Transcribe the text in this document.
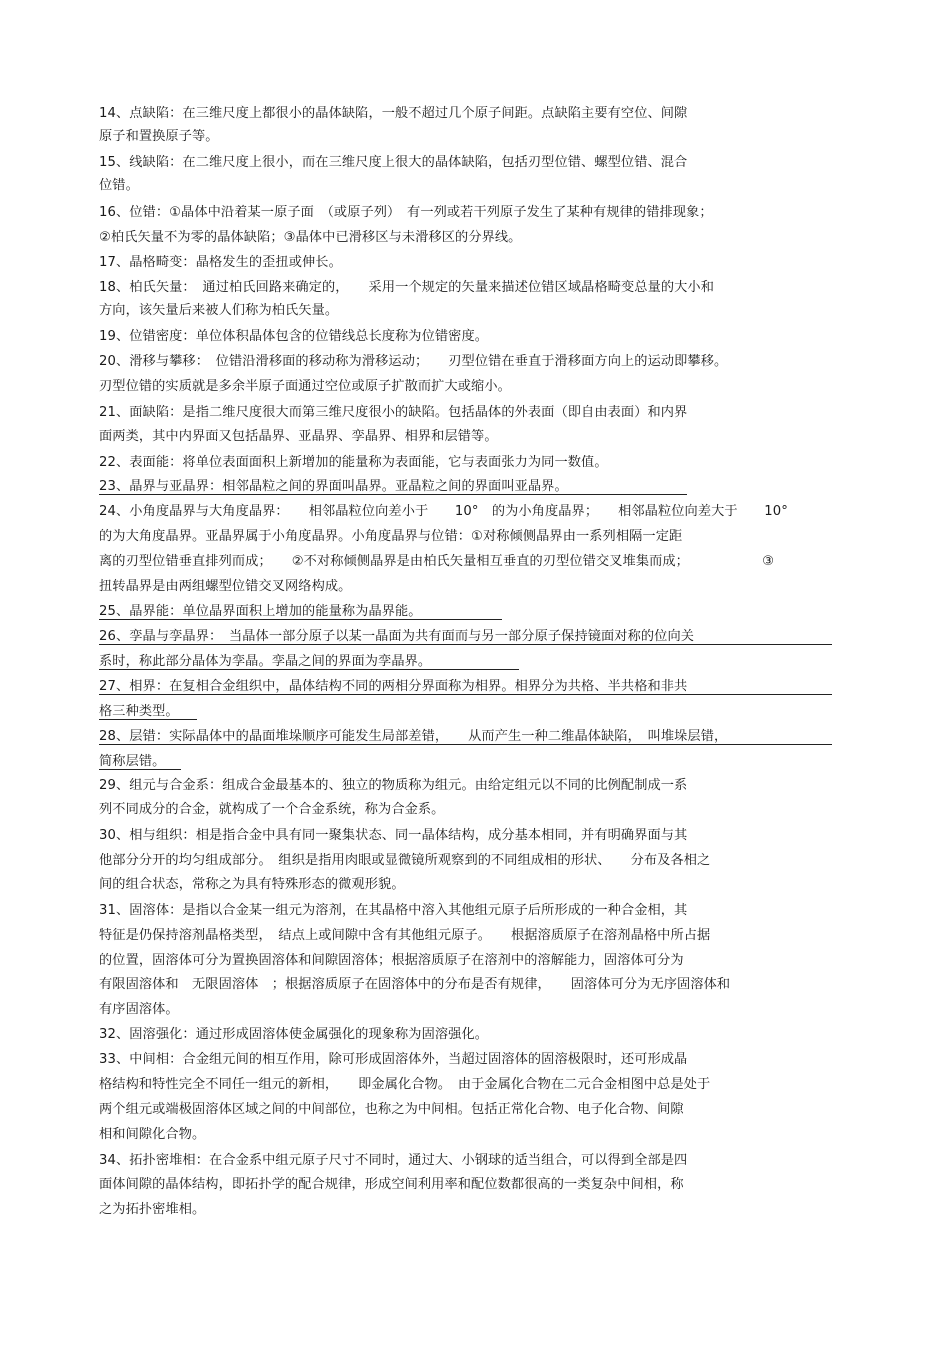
14、点缺陷：在三维尺度上都很小的晶体缺陷，一般不超过几个原子间距。点缺陷主要有空位、间隙
原子和置换原子等。
15、线缺陷：在二维尺度上很小，而在三维尺度上很大的晶体缺陷，包括刃型位错、螺型位错、混合
位错。
16、位错：①晶体中沿着某一原子面　（或原子列）　有一列或若干列原子发生了某种有规律的错排现象；
②柏氏矢量不为零的晶体缺陷；③晶体中已滑移区与未滑移区的分界线。
17、晶格畸变：晶格发生的歪扭或伸长。
18、柏氏矢量：　通过柏氏回路来确定的，　　采用一个规定的矢量来描述位错区域晶格畸变总量的大小和
方向，该矢量后来被人们称为柏氏矢量。
19、位错密度：单位体积晶体包含的位错线总长度称为位错密度。
20、滑移与攀移：　位错沿滑移面的移动称为滑移运动；　　刃型位错在垂直于滑移面方向上的运动即攀移。
刃型位错的实质就是多余半原子面通过空位或原子扩散而扩大或缩小。
21、面缺陷：是指二维尺度很大而第三维尺度很小的缺陷。包括晶体的外表面（即自由表面）和内界
面两类，其中内界面又包括晶界、亚晶界、孪晶界、相界和层错等。
22、表面能：将单位表面面积上新增加的能量称为表面能，它与表面张力为同一数值。
23、晶界与亚晶界：相邻晶粒之间的界面叫晶界。亚晶粒之间的界面叫亚晶界。
24、小角度晶界与大角度晶界：　　相邻晶粒位向差小于　　10°　的为小角度晶界；　　相邻晶粒位向差大于　　10°
的为大角度晶界。亚晶界属于小角度晶界。小角度晶界与位错：①对称倾侧晶界由一系列相隔一定距
离的刃型位错垂直排列而成；　　②不对称倾侧晶界是由柏氏矢量相互垂直的刃型位错交叉堆集而成；　　　　　　③
扭转晶界是由两组螺型位错交叉网络构成。
25、晶界能：单位晶界面积上增加的能量称为晶界能。
26、孪晶与孪晶界：　当晶体一部分原子以某一晶面为共有面而与另一部分原子保持镜面对称的位向关
系时，称此部分晶体为孪晶。孪晶之间的界面为孪晶界。
27、相界：在复相合金组织中，晶体结构不同的两相分界面称为相界。相界分为共格、半共格和非共
格三种类型。
28、层错：实际晶体中的晶面堆垛顺序可能发生局部差错，　　从而产生一种二维晶体缺陷，　叫堆垛层错，
简称层错。
29、组元与合金系：组成合金最基本的、独立的物质称为组元。由给定组元以不同的比例配制成一系
列不同成分的合金，就构成了一个合金系统，称为合金系。
30、相与组织：相是指合金中具有同一聚集状态、同一晶体结构，成分基本相同，并有明确界面与其
他部分分开的均匀组成部分。　组织是指用肉眼或显微镜所观察到的不同组成相的形状、　　分布及各相之
间的组合状态，常称之为具有特殊形态的微观形貌。
31、固溶体：是指以合金某一组元为溶剂，在其晶格中溶入其他组元原子后所形成的一种合金相，其
特征是仍保持溶剂晶格类型，　结点上或间隙中含有其他组元原子。　　根据溶质原子在溶剂晶格中所占据
的位置，固溶体可分为置换固溶体和间隙固溶体；根据溶质原子在溶剂中的溶解能力，固溶体可分为
有限固溶体和　无限固溶体　；根据溶质原子在固溶体中的分布是否有规律，　　固溶体可分为无序固溶体和
有序固溶体。
32、固溶强化：通过形成固溶体使金属强化的现象称为固溶强化。
33、中间相：合金组元间的相互作用，除可形成固溶体外，当超过固溶体的固溶极限时，还可形成晶
格结构和特性完全不同任一组元的新相，　　即金属化合物。　由于金属化合物在二元合金相图中总是处于
两个组元或端极固溶体区域之间的中间部位，也称之为中间相。包括正常化合物、电子化合物、间隙
相和间隙化合物。
34、拓扑密堆相：在合金系中组元原子尺寸不同时，通过大、小钢球的适当组合，可以得到全部是四
面体间隙的晶体结构，即拓扑学的配合规律，形成空间利用率和配位数都很高的一类复杂中间相，称
之为拓扑密堆相。
